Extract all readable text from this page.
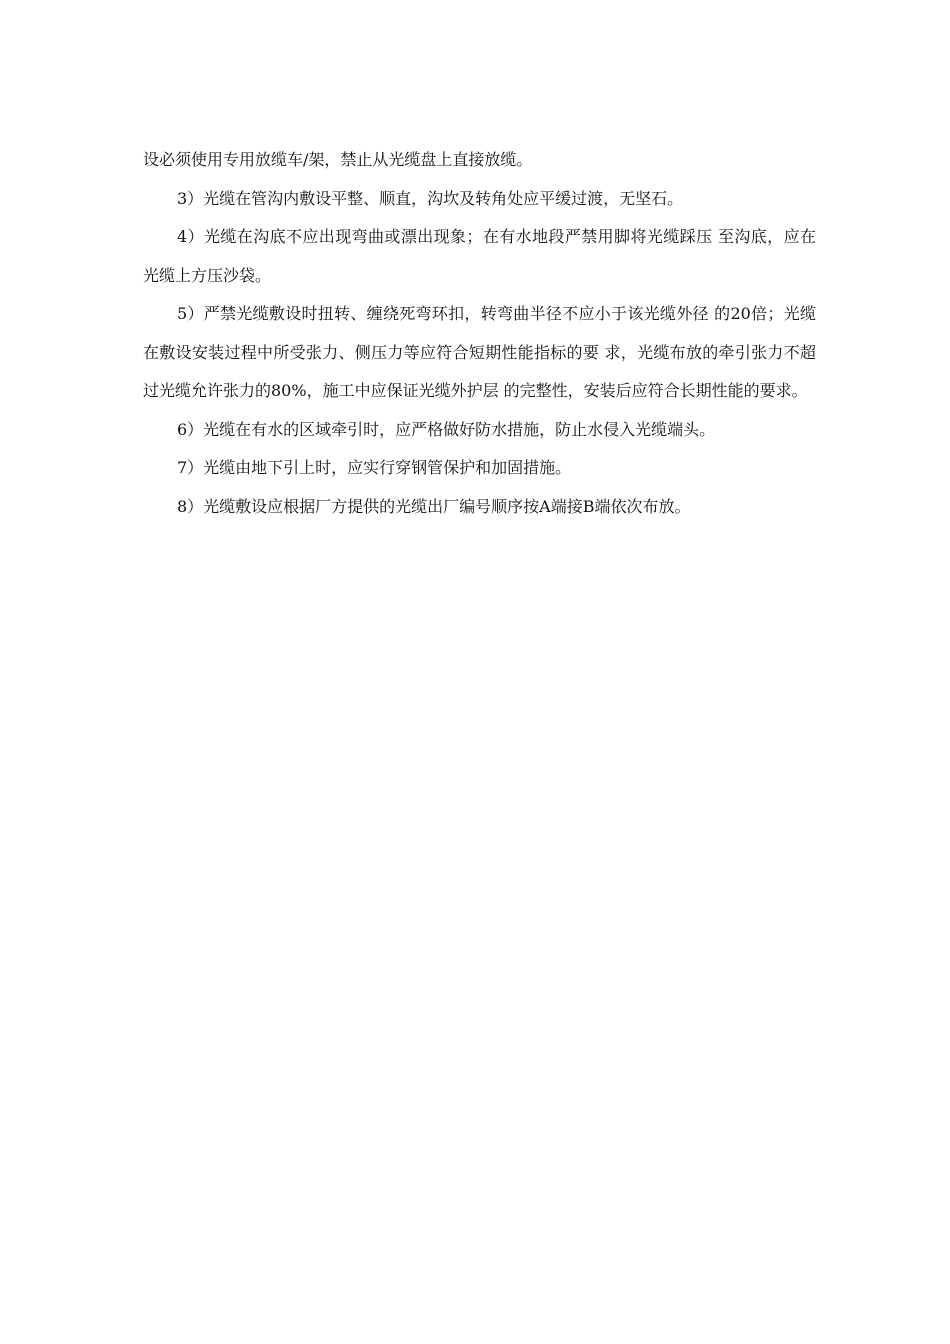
设必须使用专用放缆车/架，禁止从光缆盘上直接放缆。

3）光缆在管沟内敷设平整、顺直，沟坎及转角处应平缓过渡，无坚石。

4）光缆在沟底不应出现弯曲或漂出现象；在有水地段严禁用脚将光缆踩压 至沟底，应在光缆上方压沙袋。

5）严禁光缆敷设时扭转、缠绕死弯环扣，转弯曲半径不应小于该光缆外径 的20倍；光缆在敷设安装过程中所受张力、侧压力等应符合短期性能指标的要 求，光缆布放的牵引张力不超过光缆允许张力的80%，施工中应保证光缆外护层 的完整性，安装后应符合长期性能的要求。

6）光缆在有水的区域牵引时，应严格做好防水措施，防止水侵入光缆端头。

7）光缆由地下引上时，应实行穿钢管保护和加固措施。

8）光缆敷设应根据厂方提供的光缆出厂编号顺序按A端接B端依次布放。
